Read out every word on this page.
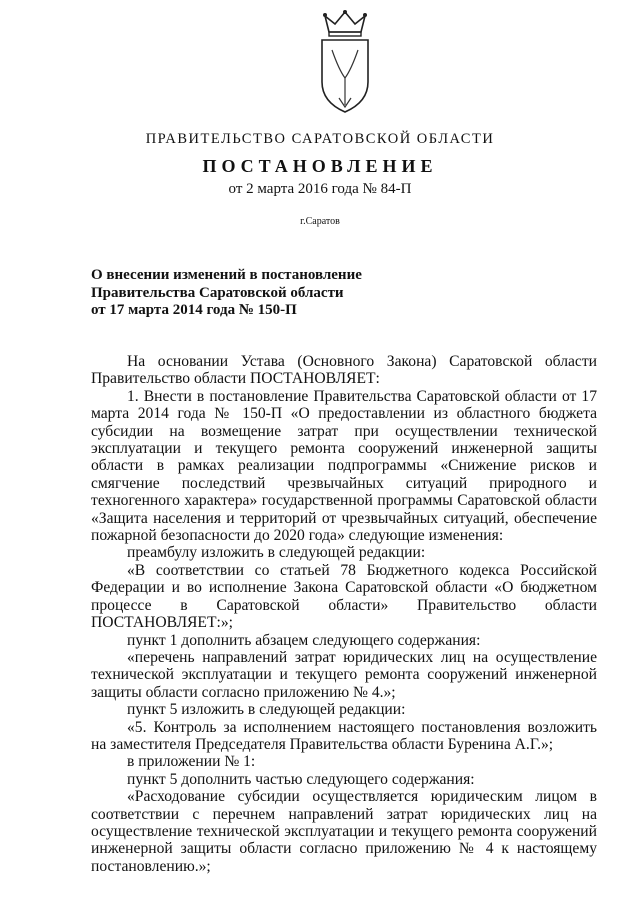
ПРАВИТЕЛЬСТВО САРАТОВСКОЙ ОБЛАСТИ
ПОСТАНОВЛЕНИЕ
от 2 марта 2016 года № 84-П
г.Саратов
О внесении изменений в постановление
Правительства Саратовской области
от 17 марта 2014 года № 150-П

На основании Устава (Основного Закона) Саратовской области Правительство области ПОСТАНОВЛЯЕТ:

1. Внести в постановление Правительства Саратовской области от 17 марта 2014 года № 150-П «О предоставлении из областного бюджета субсидии на возмещение затрат при осуществлении технической эксплуатации и текущего ремонта сооружений инженерной защиты области в рамках реализации подпрограммы «Снижение рисков и смягчение последствий чрезвычайных ситуаций природного и техногенного характера» государственной программы Саратовской области «Защита населения и территорий от чрезвычайных ситуаций, обеспечение пожарной безопасности до 2020 года» следующие изменения:

преамбулу изложить в следующей редакции:

«В соответствии со статьей 78 Бюджетного кодекса Российской Федерации и во исполнение Закона Саратовской области «О бюджетном процессе в Саратовской области» Правительство области ПОСТАНОВЛЯЕТ:»;

пункт 1 дополнить абзацем следующего содержания:

«перечень направлений затрат юридических лиц на осуществление технической эксплуатации и текущего ремонта сооружений инженерной защиты области согласно приложению № 4.»;

пункт 5 изложить в следующей редакции:

«5. Контроль за исполнением настоящего постановления возложить на заместителя Председателя Правительства области Буренина А.Г.»;

в приложении № 1:

пункт 5 дополнить частью следующего содержания:

«Расходование субсидии осуществляется юридическим лицом в соответствии с перечнем направлений затрат юридических лиц на осуществление технической эксплуатации и текущего ремонта сооружений инженерной защиты области согласно приложению № 4 к настоящему постановлению.»;
